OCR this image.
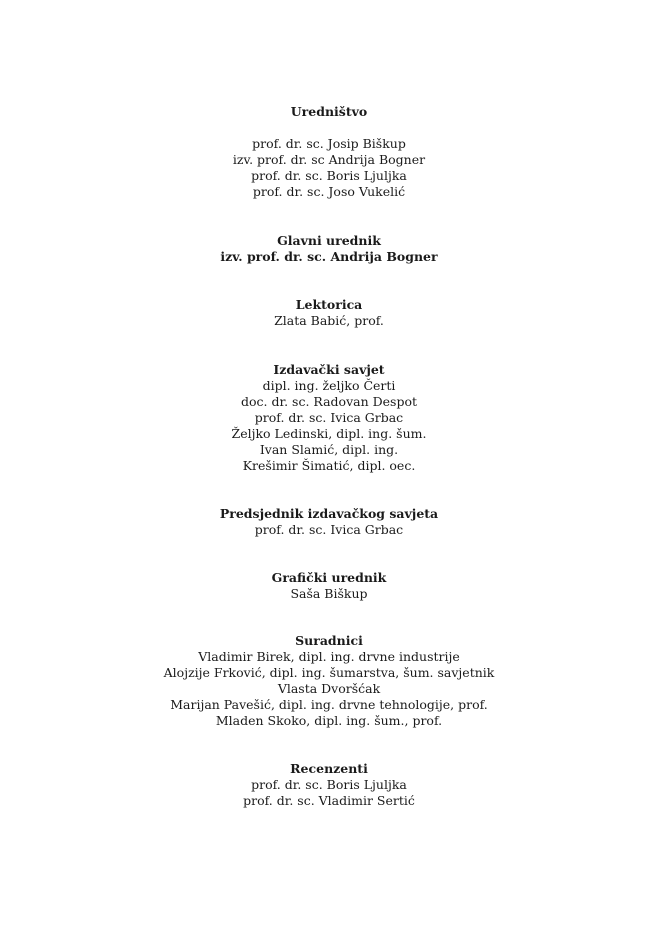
Uredništvo

prof. dr. sc. Josip Biškup

izv. prof. dr. sc Andrija Bogner

prof. dr. sc. Boris Ljuljka

prof. dr. sc. Joso Vukelić

Glavni urednik

izv. prof. dr. sc. Andrija Bogner

Lektorica

Zlata Babić, prof.

Izdavački savjet

dipl. ing. željko Čerti

doc. dr. sc. Radovan Despot

prof. dr. sc. Ivica Grbac

Željko Ledinski, dipl. ing. šum.

Ivan Slamić, dipl. ing.

Krešimir Šimatić, dipl. oec.

Predsjednik izdavačkog savjeta

prof. dr. sc. Ivica Grbac

Grafički urednik

Saša Biškup

Suradnici

Vladimir Birek, dipl. ing. drvne industrije

Alojzije Frković, dipl. ing. šumarstva, šum. savjetnik

Vlasta Dvoršćak

Marijan Pavešić, dipl. ing. drvne tehnologije, prof.

Mladen Skoko, dipl. ing. šum., prof.

Recenzenti

prof. dr. sc. Boris Ljuljka

prof. dr. sc. Vladimir Sertić
